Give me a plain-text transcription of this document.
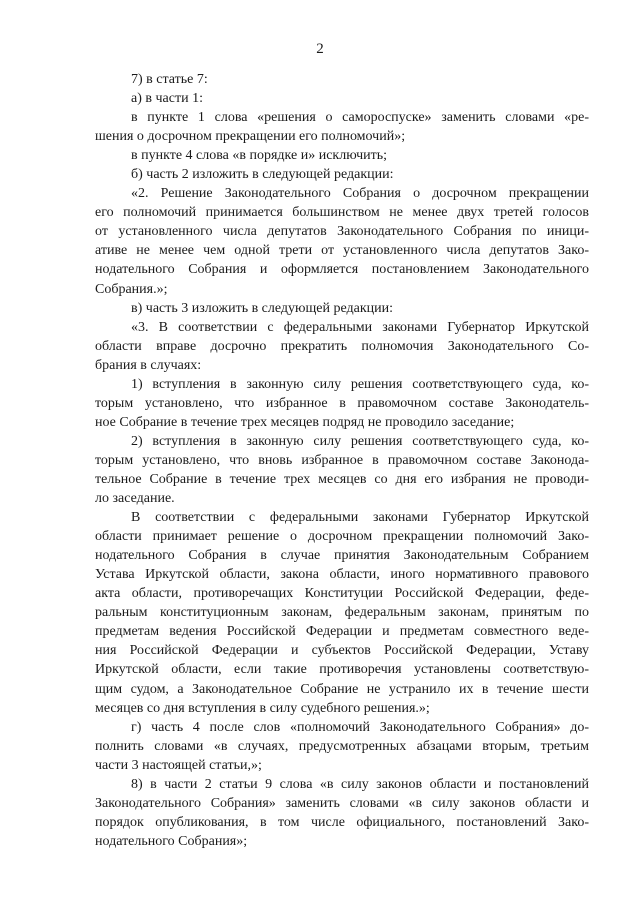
2

7) в статье 7:

а) в части 1:

в пункте 1 слова «решения о самороспуске» заменить словами «ре-
шения о досрочном прекращении его полномочий»;

в пункте 4 слова «в порядке и» исключить;

б) часть 2 изложить в следующей редакции:

«2. Решение Законодательного Собрания о досрочном прекращении
его полномочий принимается большинством не менее двух третей голосов
от установленного числа депутатов Законодательного Собрания по иници-
ативе не менее чем одной трети от установленного числа депутатов Зако-
нодательного Собрания и оформляется постановлением Законодательного
Собрания.»;

в) часть 3 изложить в следующей редакции:

«3. В соответствии с федеральными законами Губернатор Иркутской
области вправе досрочно прекратить полномочия Законодательного Со-
брания в случаях:

1) вступления в законную силу решения соответствующего суда, ко-
торым установлено, что избранное в правомочном составе Законодатель-
ное Собрание в течение трех месяцев подряд не проводило заседание;

2) вступления в законную силу решения соответствующего суда, ко-
торым установлено, что вновь избранное в правомочном составе Законода-
тельное Собрание в течение трех месяцев со дня его избрания не проводи-
ло заседание.

В соответствии с федеральными законами Губернатор Иркутской
области принимает решение о досрочном прекращении полномочий Зако-
нодательного Собрания в случае принятия Законодательным Собранием
Устава Иркутской области, закона области, иного нормативного правового
акта области, противоречащих Конституции Российской Федерации, феде-
ральным конституционным законам, федеральным законам, принятым по
предметам ведения Российской Федерации и предметам совместного веде-
ния Российской Федерации и субъектов Российской Федерации, Уставу
Иркутской области, если такие противоречия установлены соответствую-
щим судом, а Законодательное Собрание не устранило их в течение шести
месяцев со дня вступления в силу судебного решения.»;

г) часть 4 после слов «полномочий Законодательного Собрания» до-
полнить словами «в случаях, предусмотренных абзацами вторым, третьим
части 3 настоящей статьи,»;

8) в части 2 статьи 9 слова «в силу законов области и постановлений
Законодательного Собрания» заменить словами «в силу законов области и
порядок опубликования, в том числе официального, постановлений Зако-
нодательного Собрания»;
